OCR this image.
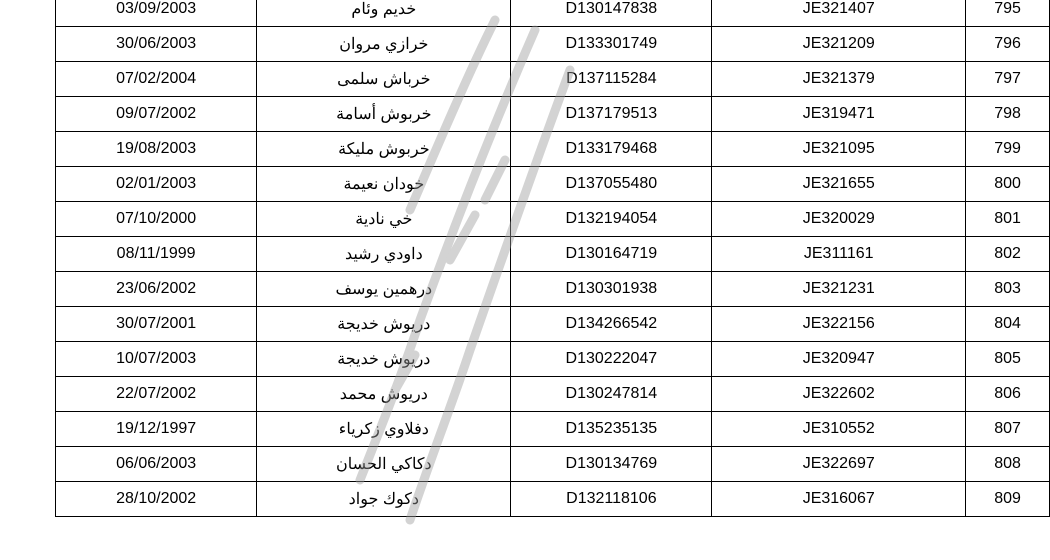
03/09/2003	خديم وئام	D130147838	JE321407	795
30/06/2003	خرازي مروان	D133301749	JE321209	796
07/02/2004	خرباش سلمى	D137115284	JE321379	797
09/07/2002	خربوش أسامة	D137179513	JE319471	798
19/08/2003	خربوش مليكة	D133179468	JE321095	799
02/01/2003	خودان نعيمة	D137055480	JE321655	800
07/10/2000	خي نادية	D132194054	JE320029	801
08/11/1999	داودي رشيد	D130164719	JE311161	802
23/06/2002	درهمين يوسف	D130301938	JE321231	803
30/07/2001	دريوش خديجة	D134266542	JE322156	804
10/07/2003	دريوش خديجة	D130222047	JE320947	805
22/07/2002	دريوش محمد	D130247814	JE322602	806
19/12/1997	دفلاوي زكرياء	D135235135	JE310552	807
06/06/2003	دكاكي الحسان	D130134769	JE322697	808
28/10/2002	دكوك جواد	D132118106	JE316067	809
